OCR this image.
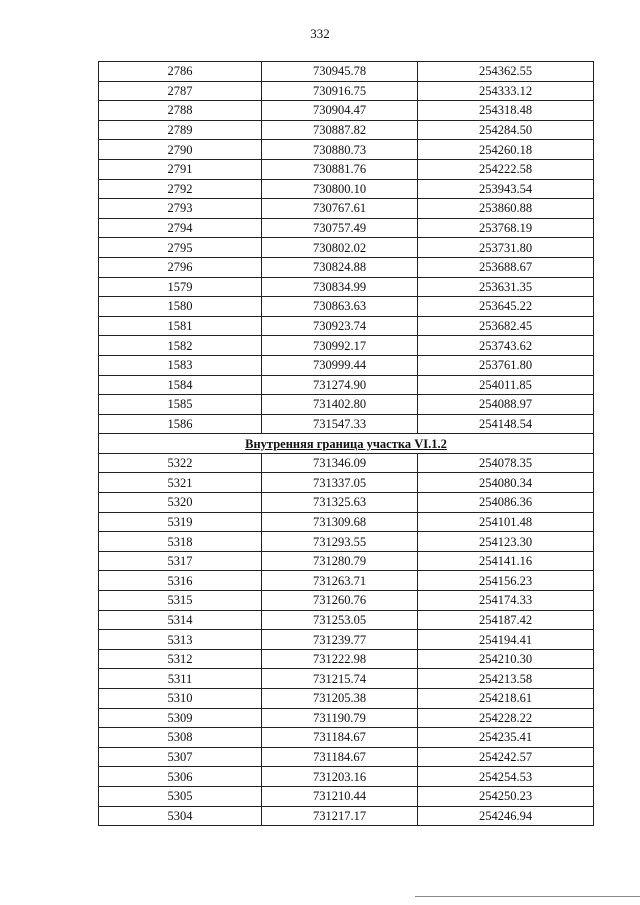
332
2786	730945.78	254362.55
2787	730916.75	254333.12
2788	730904.47	254318.48
2789	730887.82	254284.50
2790	730880.73	254260.18
2791	730881.76	254222.58
2792	730800.10	253943.54
2793	730767.61	253860.88
2794	730757.49	253768.19
2795	730802.02	253731.80
2796	730824.88	253688.67
1579	730834.99	253631.35
1580	730863.63	253645.22
1581	730923.74	253682.45
1582	730992.17	253743.62
1583	730999.44	253761.80
1584	731274.90	254011.85
1585	731402.80	254088.97
1586	731547.33	254148.54
Внутренняя граница участка VI.1.2		
5322	731346.09	254078.35
5321	731337.05	254080.34
5320	731325.63	254086.36
5319	731309.68	254101.48
5318	731293.55	254123.30
5317	731280.79	254141.16
5316	731263.71	254156.23
5315	731260.76	254174.33
5314	731253.05	254187.42
5313	731239.77	254194.41
5312	731222.98	254210.30
5311	731215.74	254213.58
5310	731205.38	254218.61
5309	731190.79	254228.22
5308	731184.67	254235.41
5307	731184.67	254242.57
5306	731203.16	254254.53
5305	731210.44	254250.23
5304	731217.17	254246.94
